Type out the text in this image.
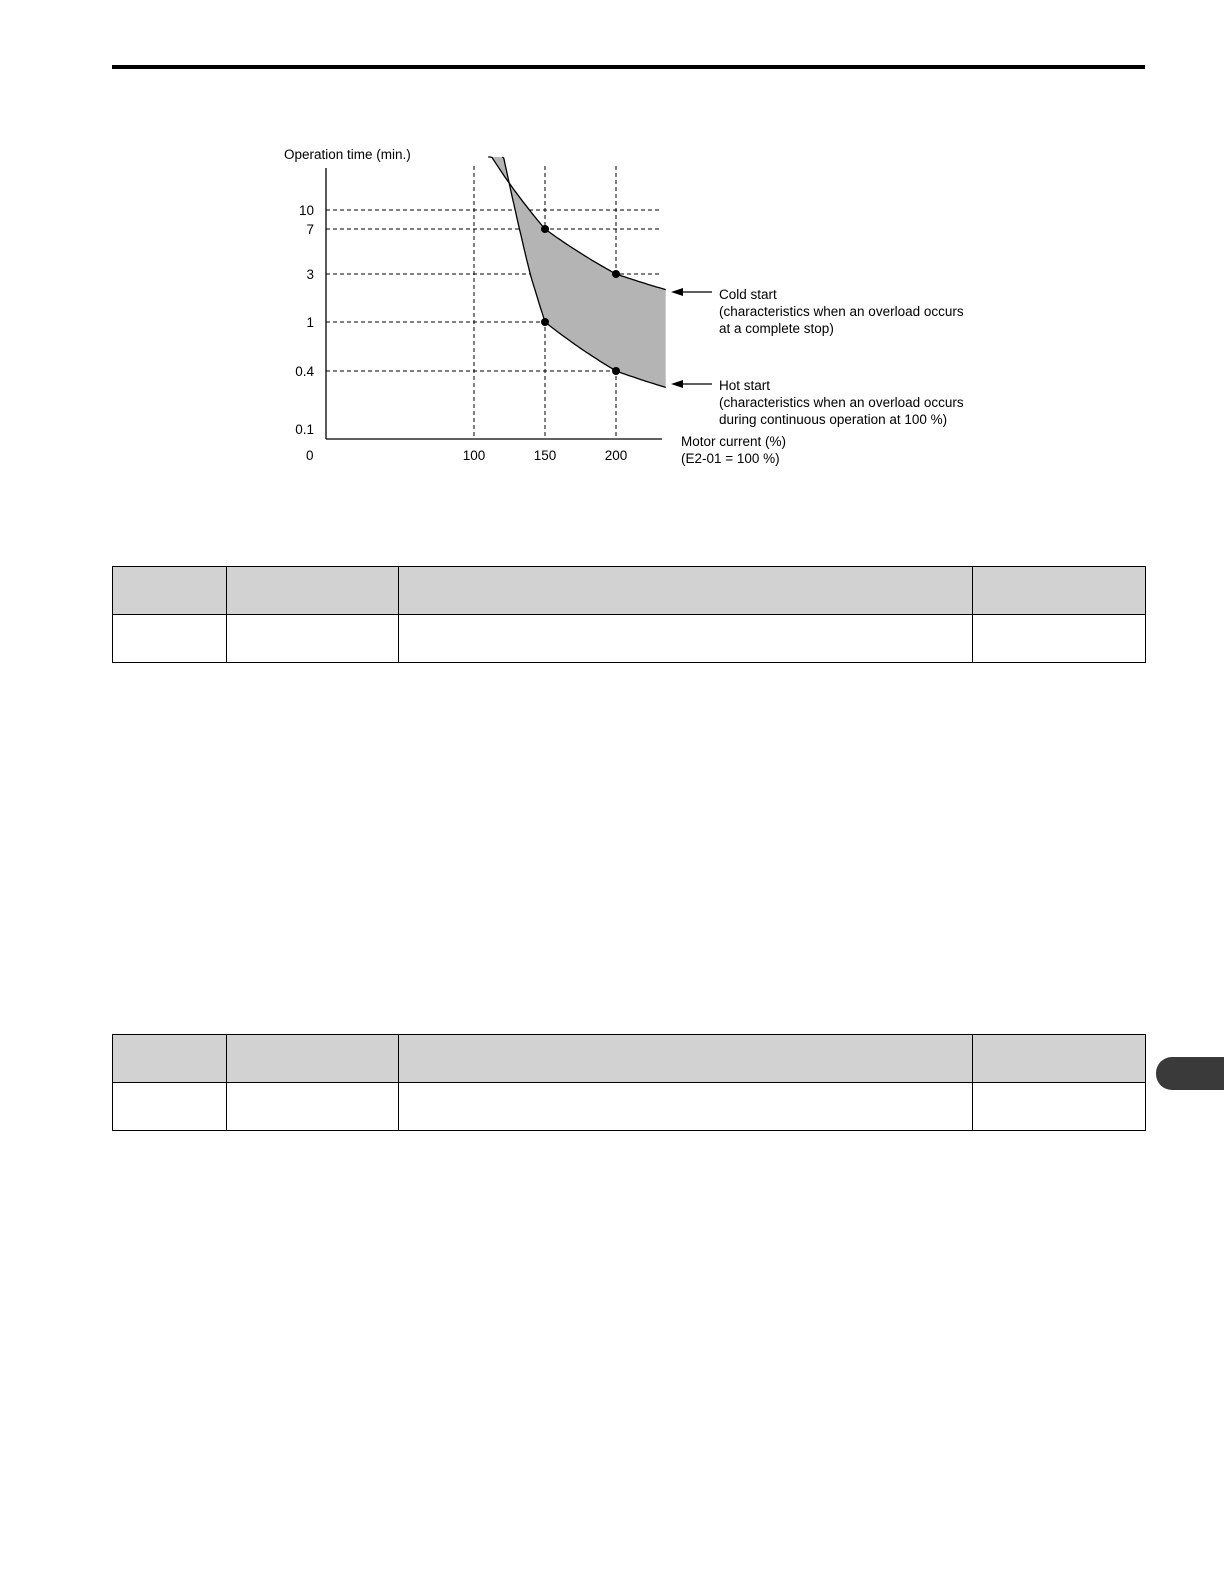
10
7
3
1
0.4
0.1
100	150	200
Operation time (min.)
Motor current (%)
(E2-01 = 100 %)
0
Cold start
(characteristics when an overload occurs
at a complete stop)
Hot start
(characteristics when an overload occurs
during continuous operation at 100 %)
